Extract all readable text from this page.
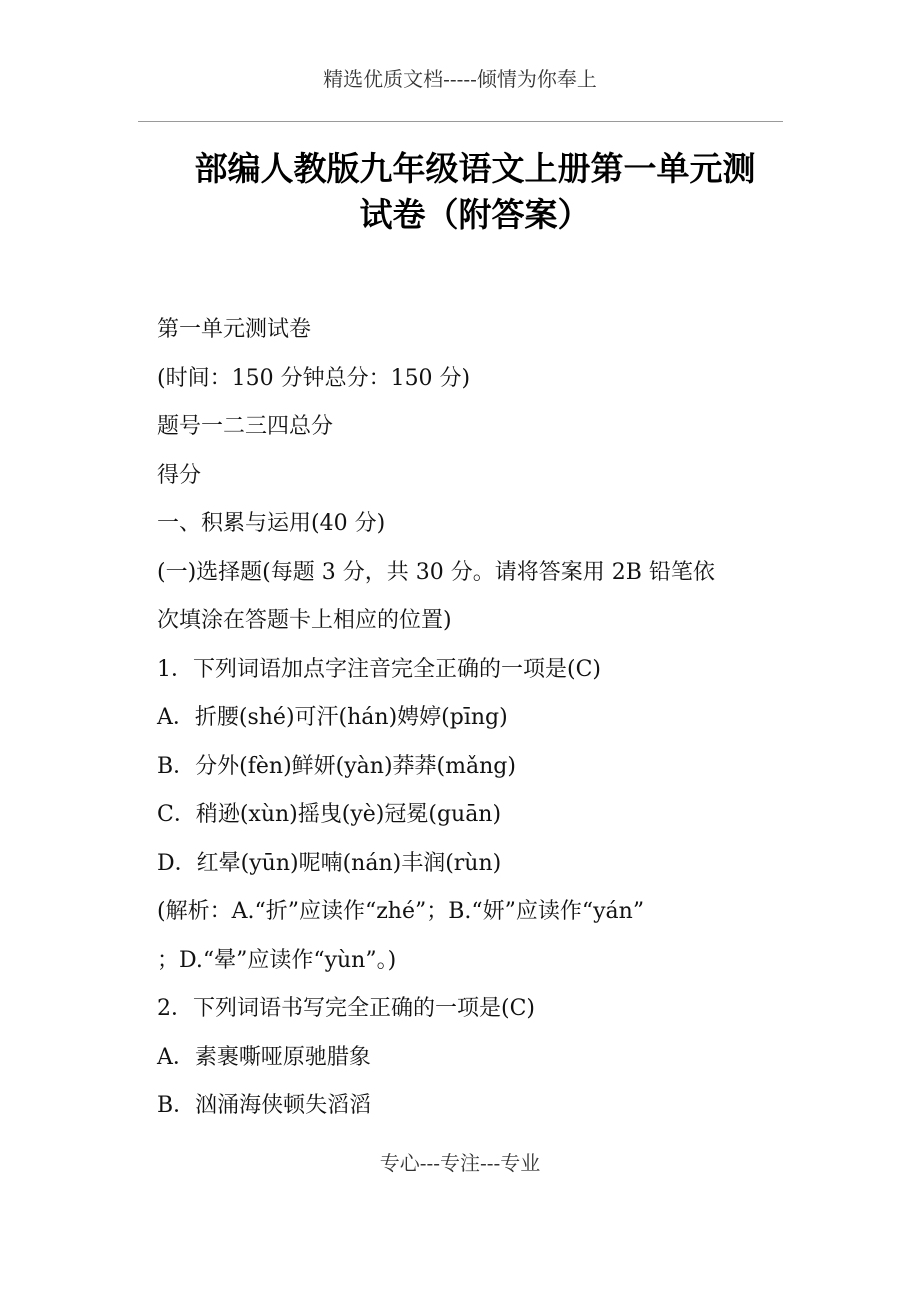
精选优质文档-----倾情为你奉上
部编人教版九年级语文上册第一单元测
试卷（附答案）
第一单元测试卷
(时间：150 分钟总分：150 分)
题号一二三四总分
得分
一、积累与运用(40 分)
(一)选择题(每题 3 分，共 30 分。请将答案用 2B 铅笔依
次填涂在答题卡上相应的位置)
1．下列词语加点字注音完全正确的一项是(C)
A．折腰(shé)可汗(hán)娉婷(pīng)
B．分外(fèn)鲜妍(yàn)莽莽(mǎng)
C．稍逊(xùn)摇曳(yè)冠冕(guān)
D．红晕(yūn)呢喃(nán)丰润(rùn)
(解析：A.“折”应读作“zhé”；B.“妍”应读作“yán”
；D.“晕”应读作“yùn”。)
2．下列词语书写完全正确的一项是(C)
A．素裹嘶哑原驰腊象
B．汹涌海侠顿失滔滔
专心---专注---专业
